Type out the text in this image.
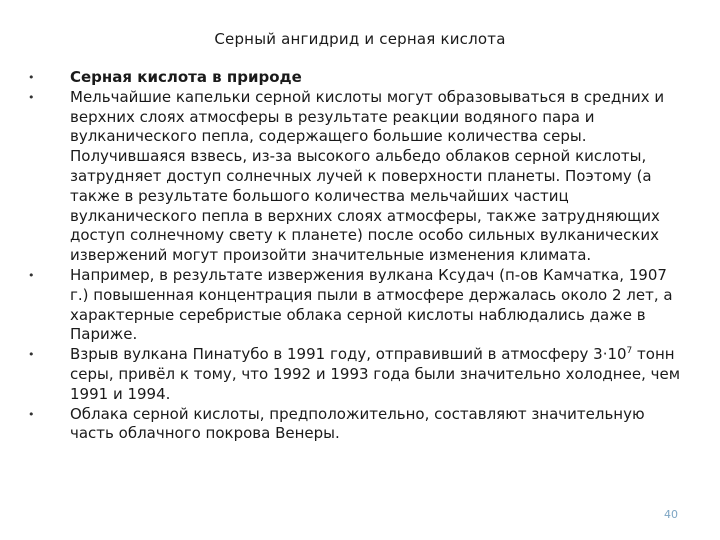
Серный ангидрид и серная кислота
•	Серная кислота в природе
•	Мельчайшие капельки серной кислоты могут образовываться в средних и верхних слоях атмосферы в результате реакции водяного пара и вулканического пепла, содержащего большие количества серы. Получившаяся взвесь, из-за высокого альбедо облаков серной кислоты, затрудняет доступ солнечных лучей к поверхности планеты. Поэтому (а также в результате большого количества мельчайших частиц вулканического пепла в верхних слоях атмосферы, также затрудняющих доступ солнечному свету к планете) после особо сильных вулканических извержений могут произойти значительные изменения климата.
•	Например, в результате извержения вулкана Ксудач (п-ов Камчатка, 1907 г.) повышенная концентрация пыли в атмосфере держалась около 2 лет, а характерные серебристые облака серной кислоты наблюдались даже в Париже.
•	Взрыв вулкана Пинатубо в 1991 году, отправивший в атмосферу $3\cdot 10^7$ тонн серы, привёл к тому, что 1992 и 1993 года были значительно холоднее, чем 1991 и 1994.
•	Облака серной кислоты, предположительно, составляют значительную часть облачного покрова Венеры.
40
